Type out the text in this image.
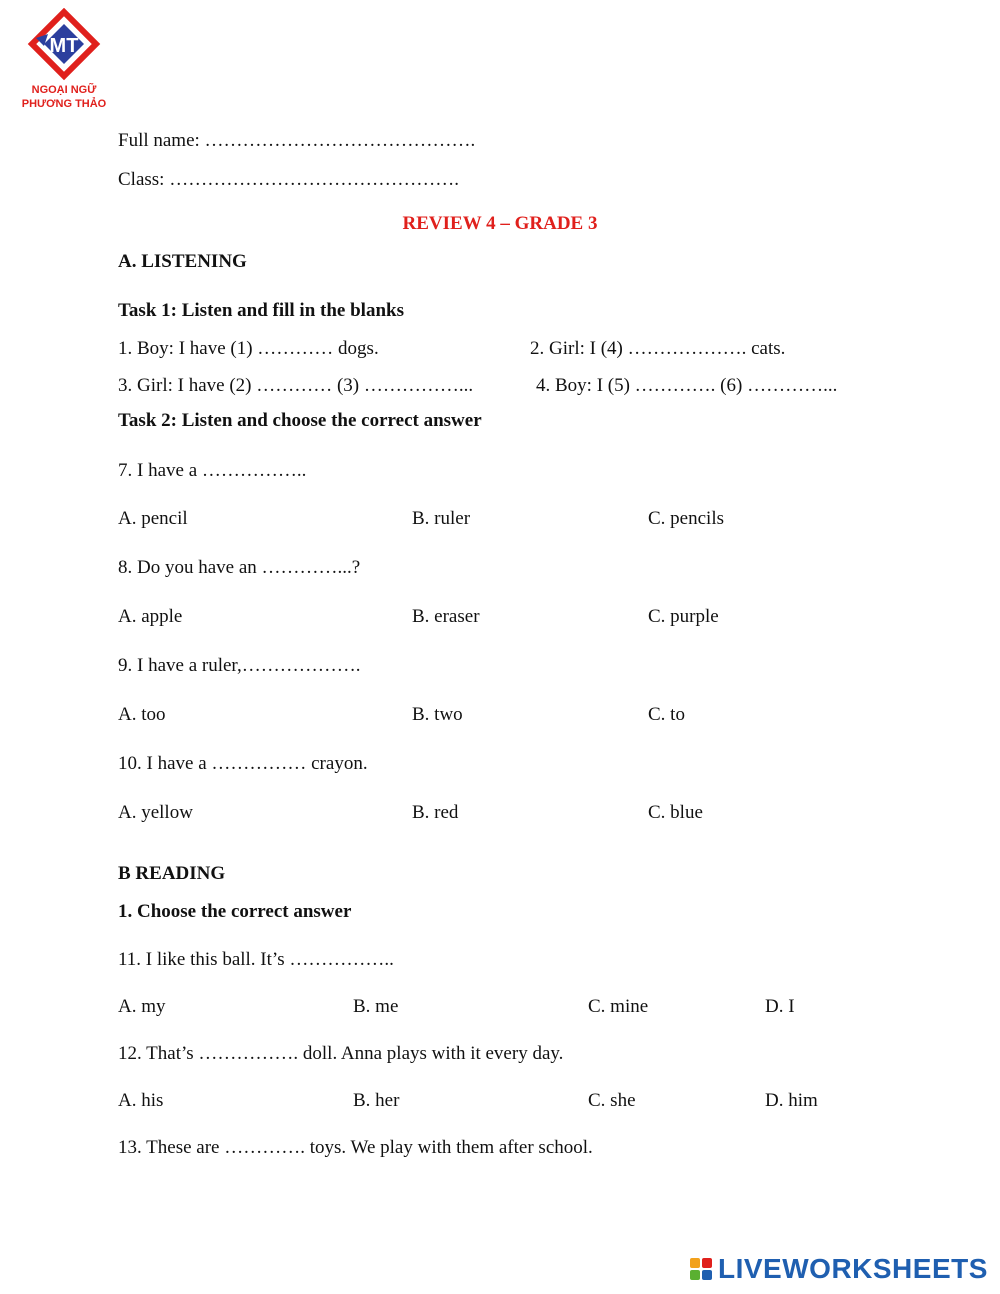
MT
NGOẠI NGỮ
PHƯƠNG THẢO
Full name: …………………………………….
Class: ……………………………………….
REVIEW 4 – GRADE 3
A. LISTENING
Task 1: Listen and fill in the blanks
1. Boy: I have (1) ………… dogs.	2. Girl: I (4) ………………. cats.
3. Girl: I have (2) ………… (3) ……………...	4. Boy: I (5) …………. (6) …………...
Task 2: Listen and choose the correct answer
7. I have a ……………..
A. pencil	B. ruler	C. pencils
8. Do you have an …………...?
A. apple	B. eraser	C. purple
9. I have a ruler,……………….
A. too	B. two	C. to
10. I have a …………… crayon.
A. yellow	B. red	C. blue
B READING
1. Choose the correct answer
11. I like this ball. It’s ……………..
A. my	B. me	C. mine	D. I
12. That’s ……………. doll. Anna plays with it every day.
A. his	B. her	C. she	D. him
13. These are …………. toys. We play with them after school.
LIVEWORKSHEETS
